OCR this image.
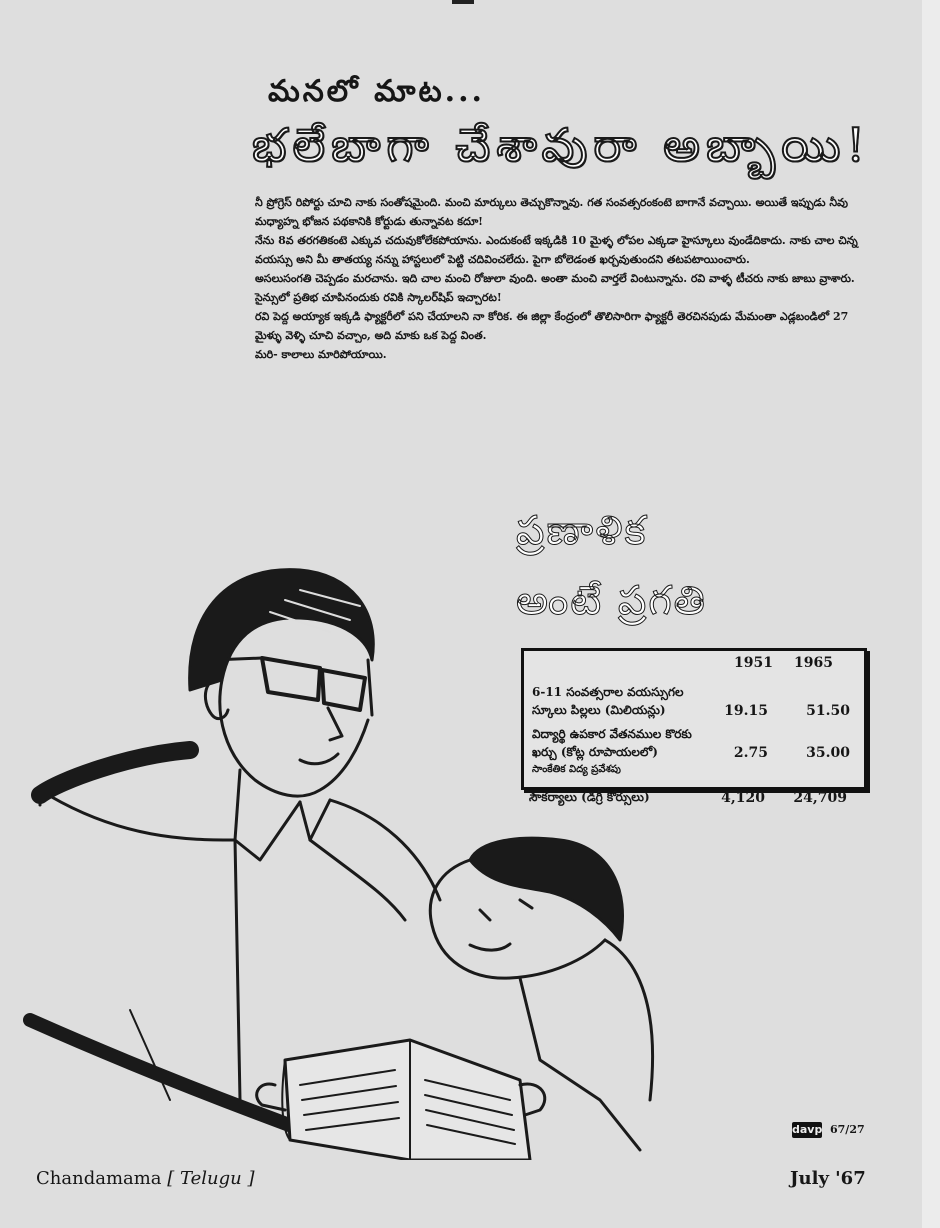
మనలో మాట...
భలేబాగా చేశావురా అబ్బాయి!

నీ ప్రోగ్రెస్ రిపోర్టు చూచి నాకు సంతోషమైంది. మంచి మార్కులు తెచ్చుకొన్నావు. గత సంవత్సరంకంటె బాగానే వచ్చాయి. అయితే ఇప్పుడు నీవు మధ్యాహ్న భోజన పథకానికి కోర్టుడు తున్నావట కదూ!

నేను 8వ తరగతికంటె ఎక్కువ చదువుకోలేకపోయాను. ఎందుకంటే ఇక్కడికి 10 మైళ్ళ లోపల ఎక్కడా హైస్కూలు వుండేదికాదు. నాకు చాల చిన్న వయస్సు అని మీ తాతయ్య నన్ను హాస్టలులో పెట్టి చదివించలేదు. పైగా బోలెడంత ఖర్చవుతుందని తటపటాయించారు.

అసలుసంగతి చెప్పడం మరచాను. ఇది చాల మంచి రోజులా వుంది. అంతా మంచి వార్తలే వింటున్నాను. రవి వాళ్ళ టీచరు నాకు జాబు వ్రాశారు. సైన్సులో ప్రతిభ చూపినందుకు రవికి స్కాలర్‌షిప్ ఇచ్చారట!

రవి పెద్ద అయ్యాక ఇక్కడి ఫ్యాక్టరీలో పని చేయాలని నా కోరిక. ఈ జిల్లా కేంద్రంలో తొలిసారిగా ఫ్యాక్టరీ తెరచినపుడు మేమంతా ఎడ్లబండిలో 27 మైళ్ళు వెళ్ళి చూచి వచ్చాం, అది మాకు ఒక పెద్ద వింత.

మరి- కాలాలు మారిపోయాయి.

ప్రణాళిక
అంటే ప్రగతి
1951 1965
6-11 సంవత్సరాల వయస్సుగల
స్కూలు పిల్లలు (మిలియన్లు)	19.15	51.50
విద్యార్థి ఉపకార వేతనముల కొరకు
ఖర్చు (కోట్ల రూపాయలలో)	2.75	35.00
సాంకేతిక విద్య ప్రవేశపు
సౌకర్యాలు (డిగ్రీ కోర్సులు)	4,120	24,709
davp 67/27
Chandamama [ Telugu ]	July '67
